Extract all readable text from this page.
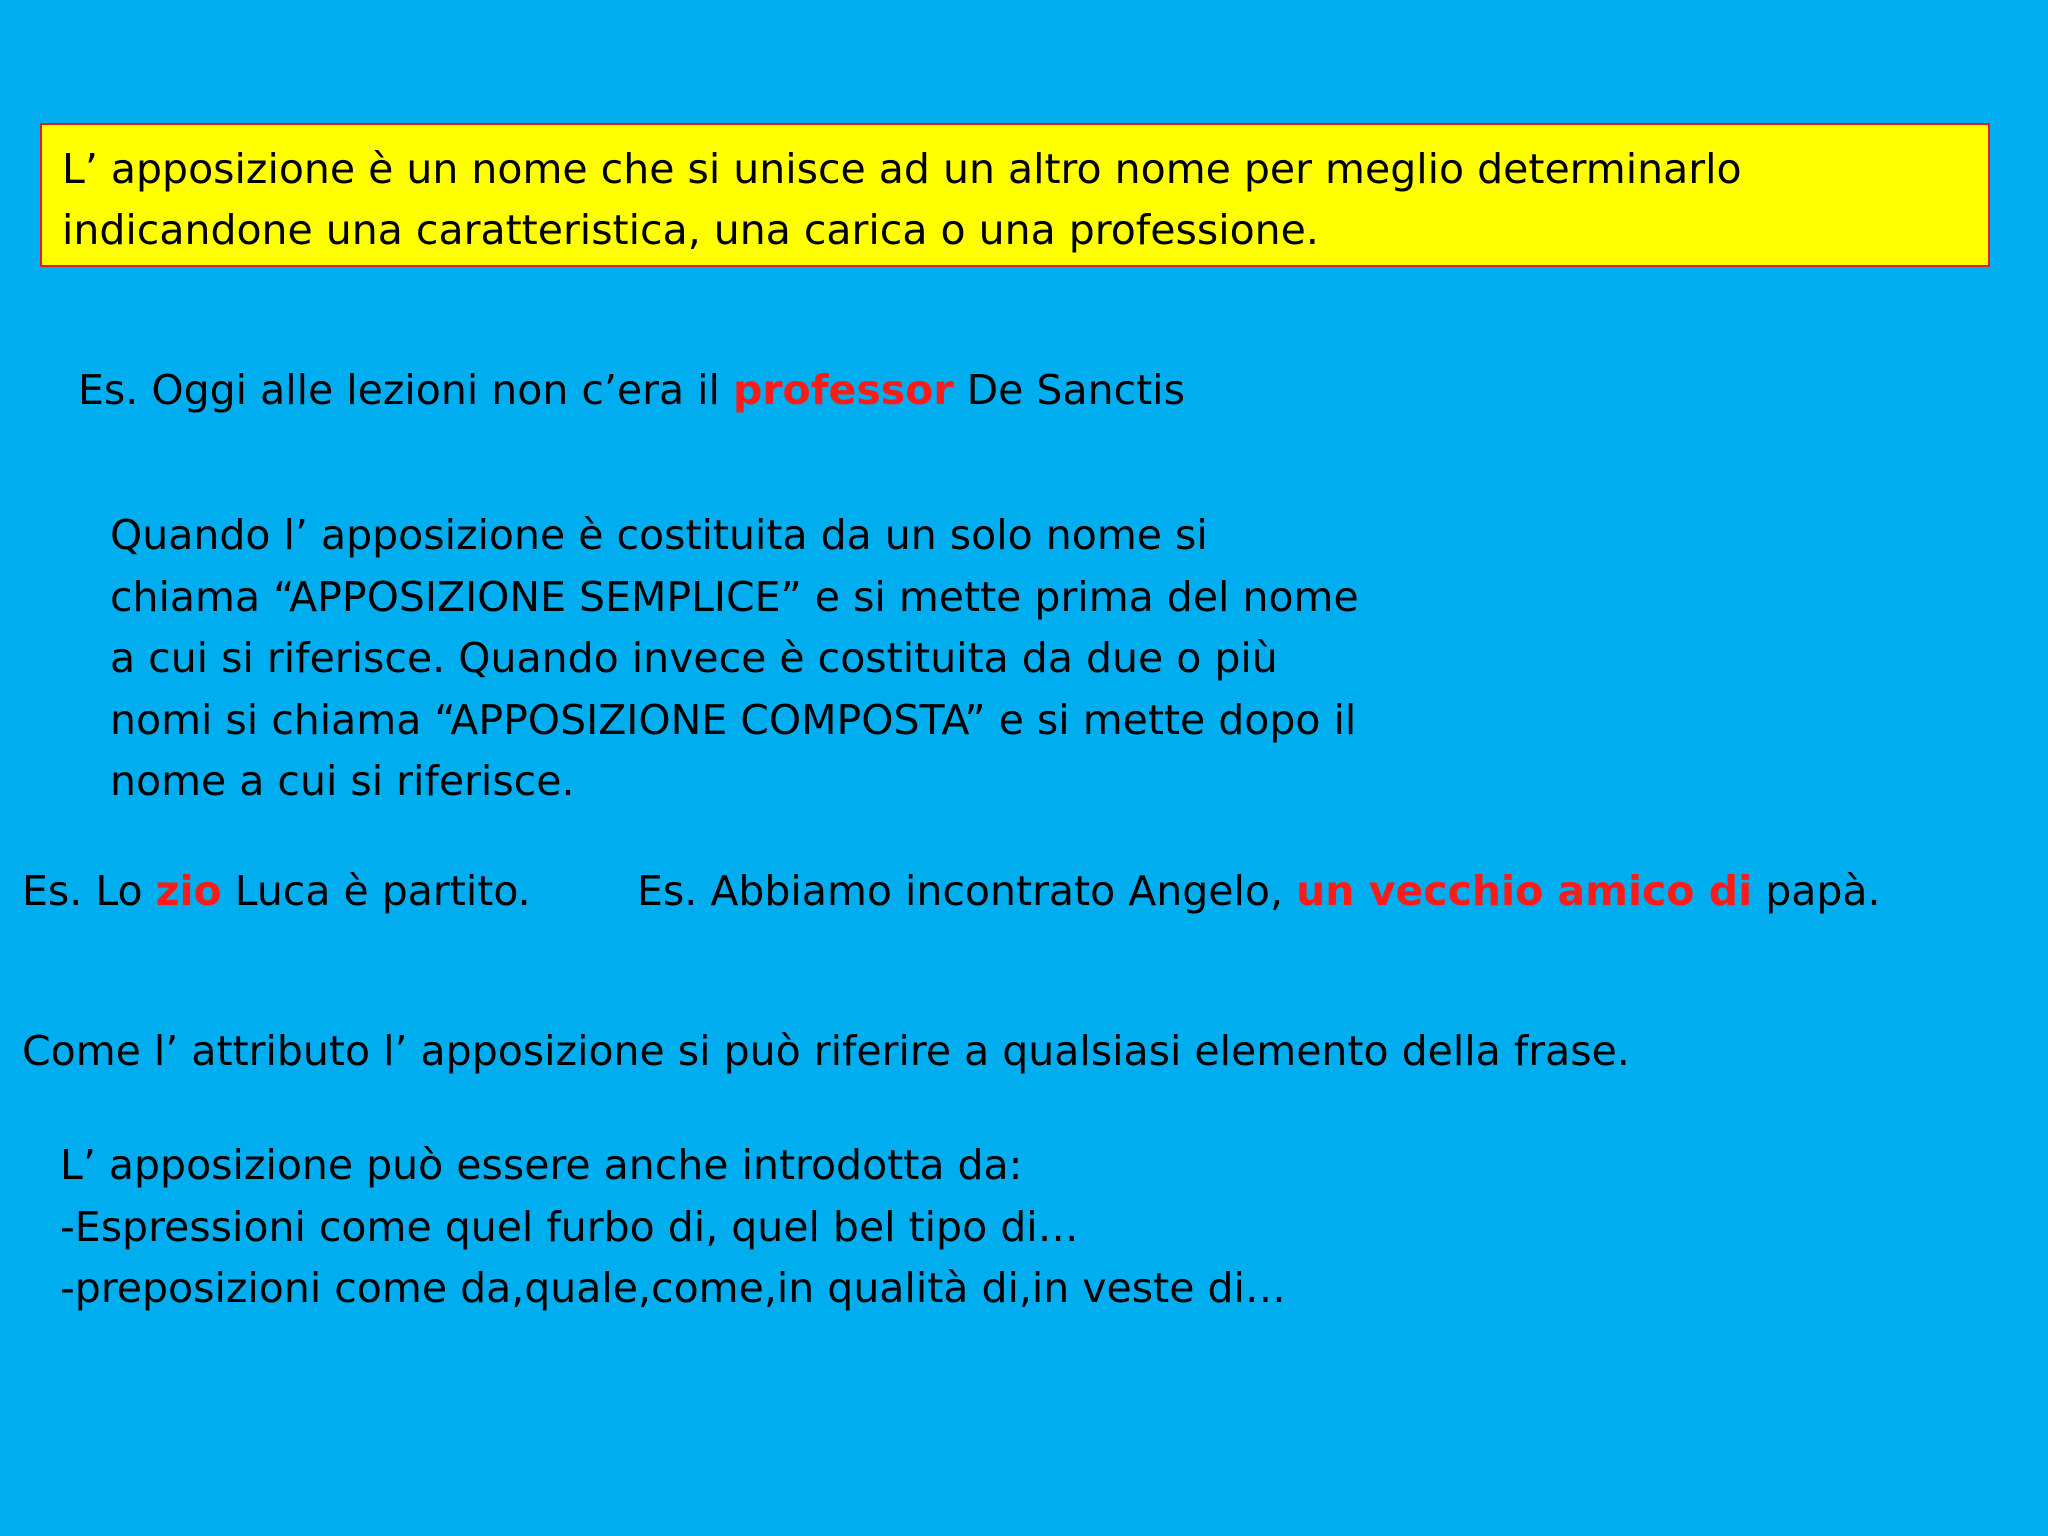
L’ apposizione è un nome che si unisce ad un altro nome per meglio determinarlo
indicandone una caratteristica, una carica o una professione.
Es. Oggi alle lezioni non c’era il professor De Sanctis
Quando l’ apposizione è costituita da un solo nome si
chiama “APPOSIZIONE SEMPLICE” e si mette prima del nome
a cui si riferisce. Quando invece è costituita da due o più
nomi si chiama “APPOSIZIONE COMPOSTA” e si mette dopo il
nome a cui si riferisce.
Es. Lo zio Luca è partito.	Es. Abbiamo incontrato Angelo, un vecchio amico di papà.
Come l’ attributo l’ apposizione si può riferire a qualsiasi elemento della frase.
L’ apposizione può essere anche introdotta da:
-Espressioni come quel furbo di, quel bel tipo di…
-preposizioni come da,quale,come,in qualità di,in veste di…
